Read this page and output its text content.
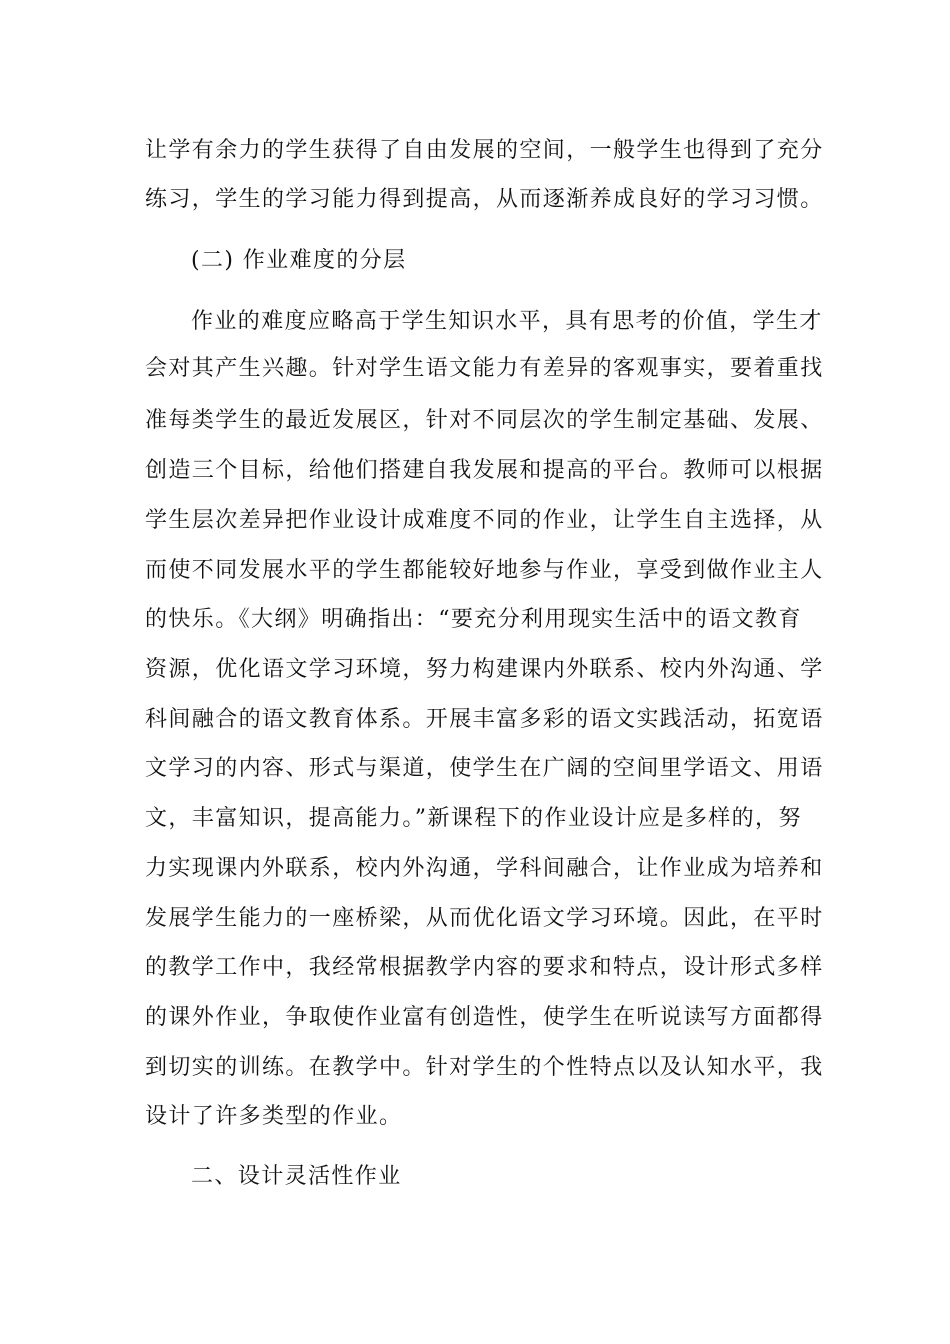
让学有余力的学生获得了自由发展的空间，一般学生也得到了充分
练习，学生的学习能力得到提高，从而逐渐养成良好的学习习惯。
(二) 作业难度的分层
作业的难度应略高于学生知识水平，具有思考的价值，学生才
会对其产生兴趣。针对学生语文能力有差异的客观事实，要着重找
准每类学生的最近发展区，针对不同层次的学生制定基础、发展、
创造三个目标，给他们搭建自我发展和提高的平台。教师可以根据
学生层次差异把作业设计成难度不同的作业，让学生自主选择，从
而使不同发展水平的学生都能较好地参与作业，享受到做作业主人
的快乐。《大纲》明确指出：“要充分利用现实生活中的语文教育
资源，优化语文学习环境，努力构建课内外联系、校内外沟通、学
科间融合的语文教育体系。开展丰富多彩的语文实践活动，拓宽语
文学习的内容、形式与渠道，使学生在广阔的空间里学语文、用语
文，丰富知识，提高能力。”新课程下的作业设计应是多样的，努
力实现课内外联系，校内外沟通，学科间融合，让作业成为培养和
发展学生能力的一座桥梁，从而优化语文学习环境。因此，在平时
的教学工作中，我经常根据教学内容的要求和特点，设计形式多样
的课外作业，争取使作业富有创造性，使学生在听说读写方面都得
到切实的训练。在教学中。针对学生的个性特点以及认知水平，我
设计了许多类型的作业。
二、设计灵活性作业
